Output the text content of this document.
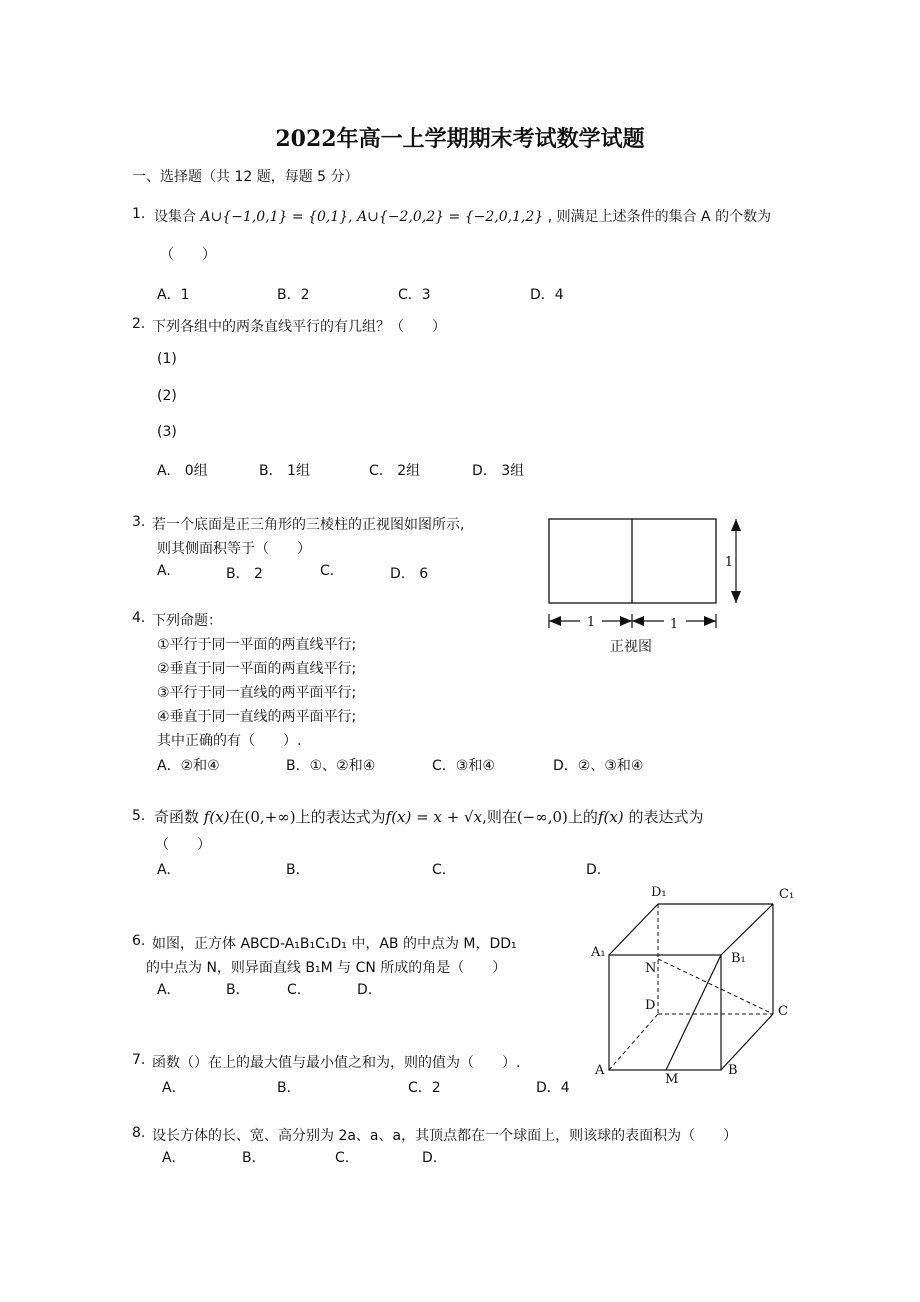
2022年高一上学期期末考试数学试题
一、选择题（共 12 题，每题 5 分）
1. 设集合 A∪{−1,0,1} = {0,1}, A∪{−2,0,2} = {−2,0,1,2} , 则满足上述条件的集合 A 的个数为
（　　）
A．1	B．2	C．3	D．4
2. 下列各组中的两条直线平行的有几组？（　　）
(1)
(2)
(3)
A.　0组	B.　1组	C.　2组	D.　3组
3. 若一个底面是正三角形的三棱柱的正视图如图所示,
则其侧面积等于（　　）
A.	B.　2	C.	D.　6
1
1	1
正视图
4. 下列命题：
①平行于同一平面的两直线平行;
②垂直于同一平面的两直线平行;
③平行于同一直线的两平面平行;
④垂直于同一直线的两平面平行;
其中正确的有（　　）.
A．②和④	B．①、②和④	C．③和④	D．②、③和④
5. 奇函数 f(x)在(0,+∞)上的表达式为f(x) = x + √x,则在(−∞,0)上的f(x) 的表达式为
（　　）
A.	B.	C.	D.
6. 如图，正方体 ABCD-A₁B₁C₁D₁ 中，AB 的中点为 M，DD₁
的中点为 N，则异面直线 B₁M 与 CN 所成的角是（　　）
A.	B.	C.	D.
D₁	C₁
A₁	B₁
N
D	C
A
M
B
7. 函数（）在上的最大值与最小值之和为，则的值为（　　）.
A．	B．	C．2	D．4
8. 设长方体的长、宽、高分别为 2a、a、a，其顶点都在一个球面上，则该球的表面积为（　　）
A.	B.	C.	D.
